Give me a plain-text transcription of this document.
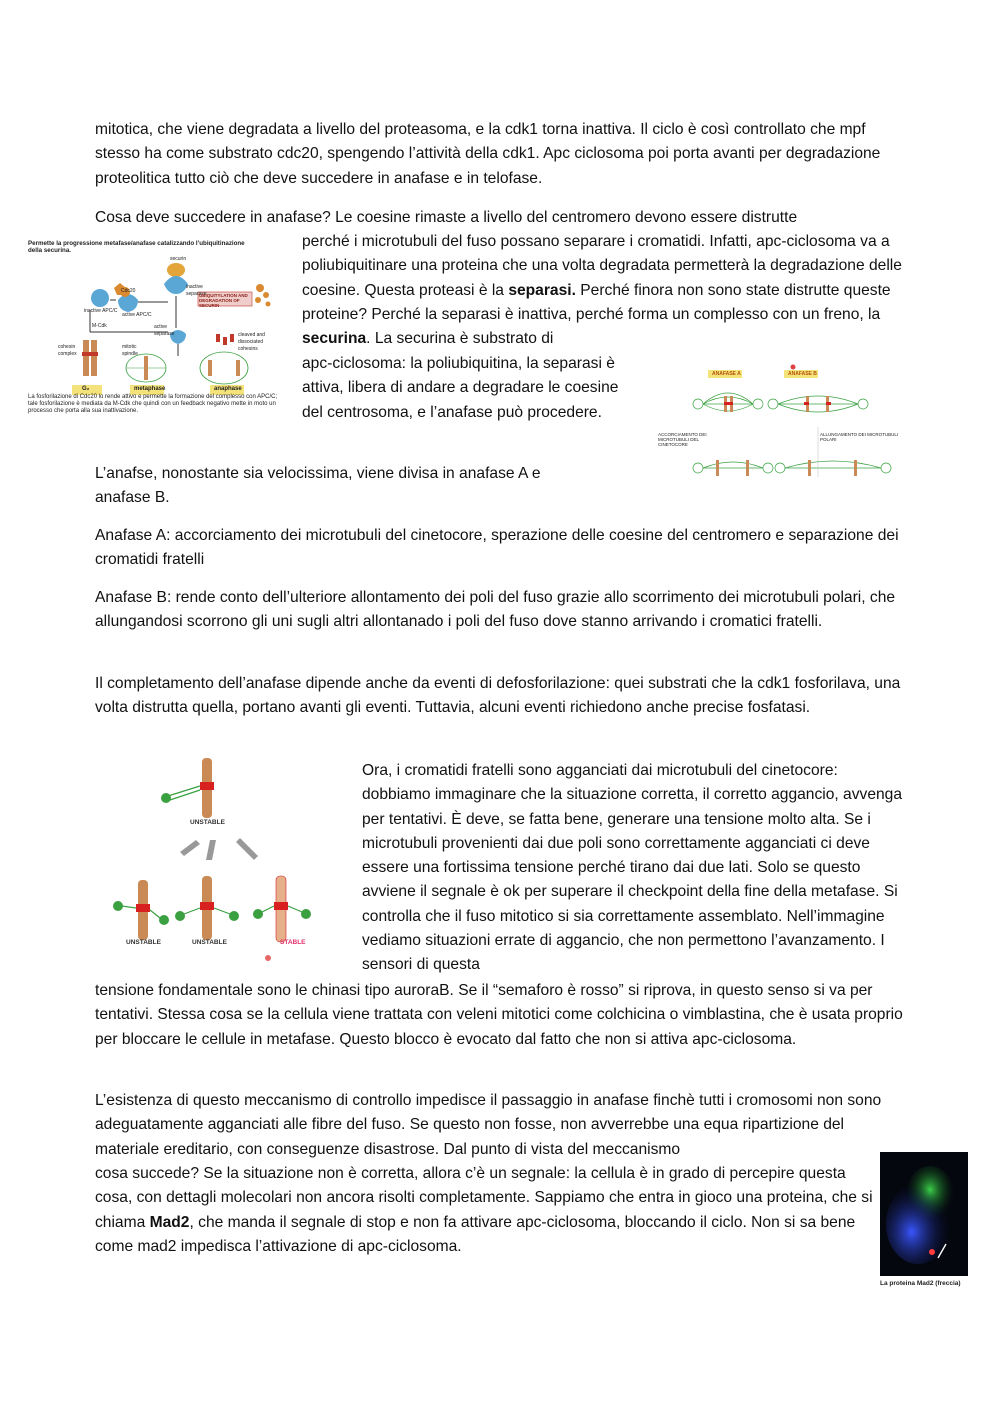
mitotica, che viene degradata a livello del proteasoma, e la cdk1 torna inattiva. Il ciclo è così controllato che mpf stesso ha come substrato cdc20, spengendo l’attività della cdk1. Apc ciclosoma poi porta avanti per degradazione proteolitica tutto ciò che deve succedere in anafase e in telofase.

Cosa deve succedere in anafase? Le coesine rimaste a livello del centromero devono essere distrutte

perché i microtubuli del fuso possano separare i cromatidi. Infatti, apc-ciclosoma va a poliubiquitinare una proteina che una volta degradata permetterà la degradazione delle coesine. Questa proteasi è la separasi. Perché finora non sono state distrutte queste proteine? Perché la separasi è inattiva, perché forma un complesso con un freno, la securina. La securina è substrato di

apc-ciclosoma: la poliubiquitina, la separasi è attiva, libera di andare a degradare le coesine del centrosoma, e l’anafase può procedere.

L’anafse, nonostante sia velocissima, viene divisa in anafase A e anafase B.

Anafase A: accorciamento dei microtubuli del cinetocore, sperazione delle coesine del centromero e separazione dei cromatidi fratelli

Anafase B: rende conto dell’ulteriore allontamento dei poli del fuso grazie allo scorrimento dei microtubuli polari, che allungandosi scorrono gli uni sugli altri allontanado i poli del fuso dove stanno arrivando i cromatici fratelli.

Il completamento dell’anafase dipende anche da eventi di defosforilazione: quei substrati che la cdk1 fosforilava, una volta distrutta quella, portano avanti gli eventi. Tuttavia, alcuni eventi richiedono anche precise fosfatasi.

Ora, i cromatidi fratelli sono agganciati dai microtubuli del cinetocore: dobbiamo immaginare che la situazione corretta, il corretto aggancio, avvenga per tentativi. È deve, se fatta bene, generare una tensione molto alta. Se i microtubuli provenienti dai due poli sono correttamente agganciati ci deve essere una fortissima tensione perché tirano dai due lati. Solo se questo avviene il segnale è ok per superare il checkpoint della fine della metafase. Si controlla che il fuso mitotico si sia correttamente assemblato. Nell’immagine vediamo situazioni errate di aggancio, che non permettono l’avanzamento. I sensori di questa

tensione fondamentale sono le chinasi tipo auroraB. Se il “semaforo è rosso” si riprova, in questo senso si va per tentativi. Stessa cosa se la cellula viene trattata con veleni mitotici come colchicina o vimblastina, che è usata proprio per bloccare le cellule in metafase. Questo blocco è evocato dal fatto che non si attiva apc-ciclosoma.

L’esistenza di questo meccanismo di controllo impedisce il passaggio in anafase finchè tutti i cromosomi non sono adeguatamente agganciati alle fibre del fuso. Se questo non fosse, non avverrebbe una equa ripartizione del materiale ereditario, con conseguenze disastrose. Dal punto di vista del meccanismo

cosa succede? Se la situazione non è corretta, allora c’è un segnale: la cellula è in grado di percepire questa cosa, con dettagli molecolari non ancora risolti completamente. Sappiamo che entra in gioco una proteina, che si chiama Mad2, che manda il segnale di stop e non fa attivare apc-ciclosoma, bloccando il ciclo. Non si sa bene come mad2 impedisca l’attivazione di apc-ciclosoma.

Permette la progressione metafase/anafase catalizzando l’ubiquitinazione della securina.
securin
inactive separase
Cdc20
inactive APC/C
active APC/C
UBIQUITYLATION AND DEGRADATION OF SECURIN
M-Cdk	active separase
cohesin complex
cleaved and dissociated cohesins
mitotic spindle
G₂	metaphase	anaphase
La fosforilazione di Cdc20 lo rende attivo e permette la formazione del complesso con APC/C; tale fosforilazione è mediata da M-Cdk che quindi con un feedback negativo mette in moto un processo che porta alla sua inattivazione.
ANAFASE A	ANAFASE B
ACCORCIAMENTO DEI MICROTUBULI DEL CINETOCORE
ALLUNGAMENTO DEI MICROTUBULI POLARI
UNSTABLE
UNSTABLE	UNSTABLE	STABLE
La proteina Mad2 (freccia)
